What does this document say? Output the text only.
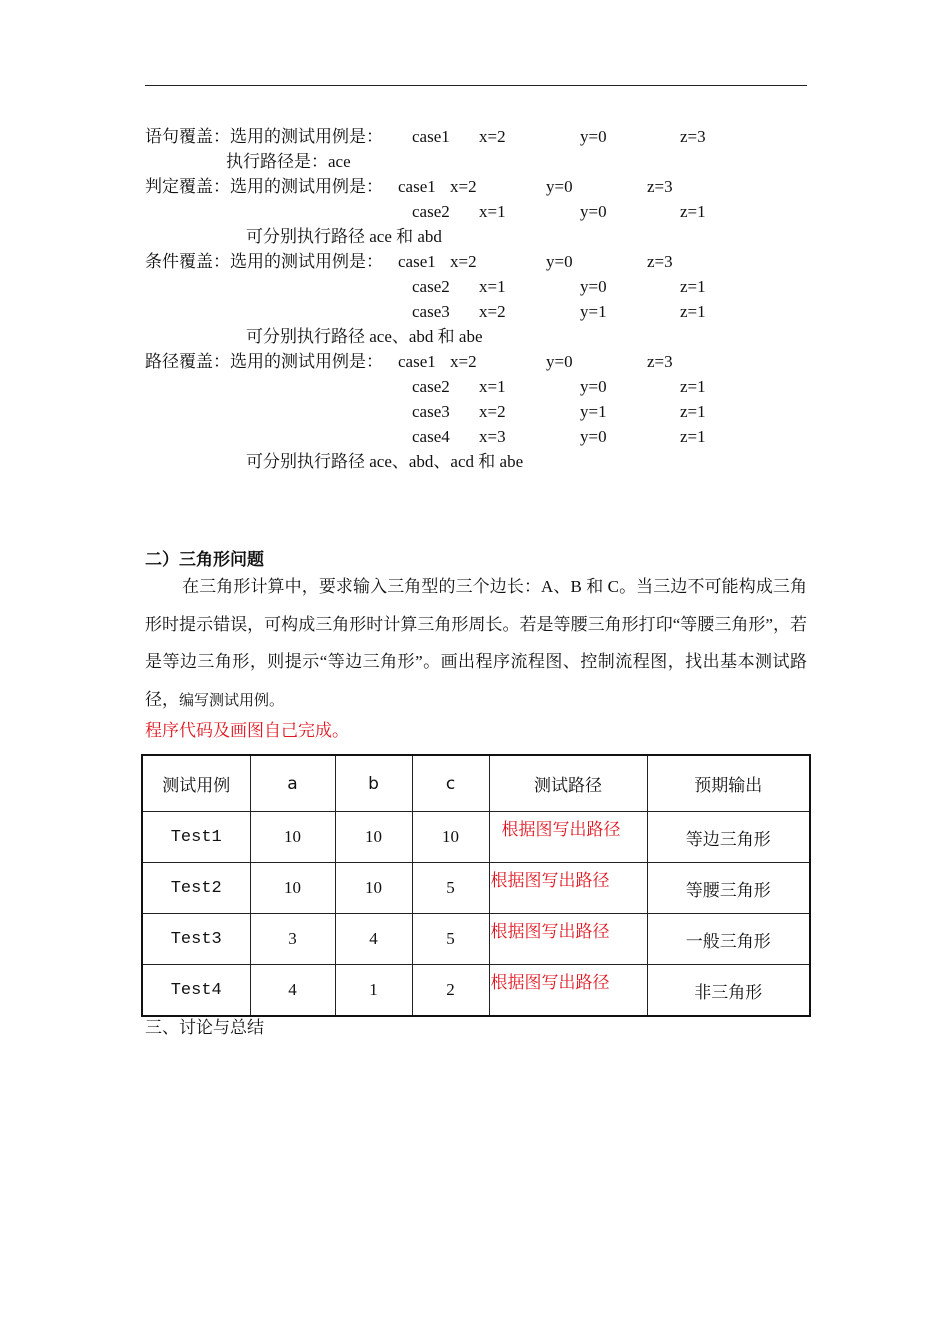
语句覆盖：选用的测试用例是： case1 x=2	y=0	z=3
执行路径是：ace
判定覆盖：选用的测试用例是： case1 x=2	y=0	z=3
case2 x=1	y=0	z=1
可分别执行路径 ace 和 abd
条件覆盖：选用的测试用例是： case1 x=2	y=0	z=3
case2 x=1	y=0	z=1
case3 x=2	y=1	z=1
可分别执行路径 ace、abd 和 abe
路径覆盖：选用的测试用例是： case1 x=2	y=0	z=3
case2 x=1	y=0	z=1
case3 x=2	y=1	z=1
case4 x=3	y=0	z=1
可分别执行路径 ace、abd、acd 和 abe
二）三角形问题
在三角形计算中，要求输入三角型的三个边长：A、B 和 C。当三边不可能构成三角形时提示错误，可构成三角形时计算三角形周长。若是等腰三角形打印“等腰三角形”，若是等边三角形，则提示“等边三角形”。画出程序流程图、控制流程图，找出基本测试路径，编写测试用例。
程序代码及画图自己完成。
测试用例	a	b	c	测试路径	预期输出
Test1	10	10	10	根据图写出路径	等边三角形
Test2	10	10	5	根据图写出路径	等腰三角形
Test3	3	4	5	根据图写出路径	一般三角形
Test4	4	1	2	根据图写出路径	非三角形
三、讨论与总结
